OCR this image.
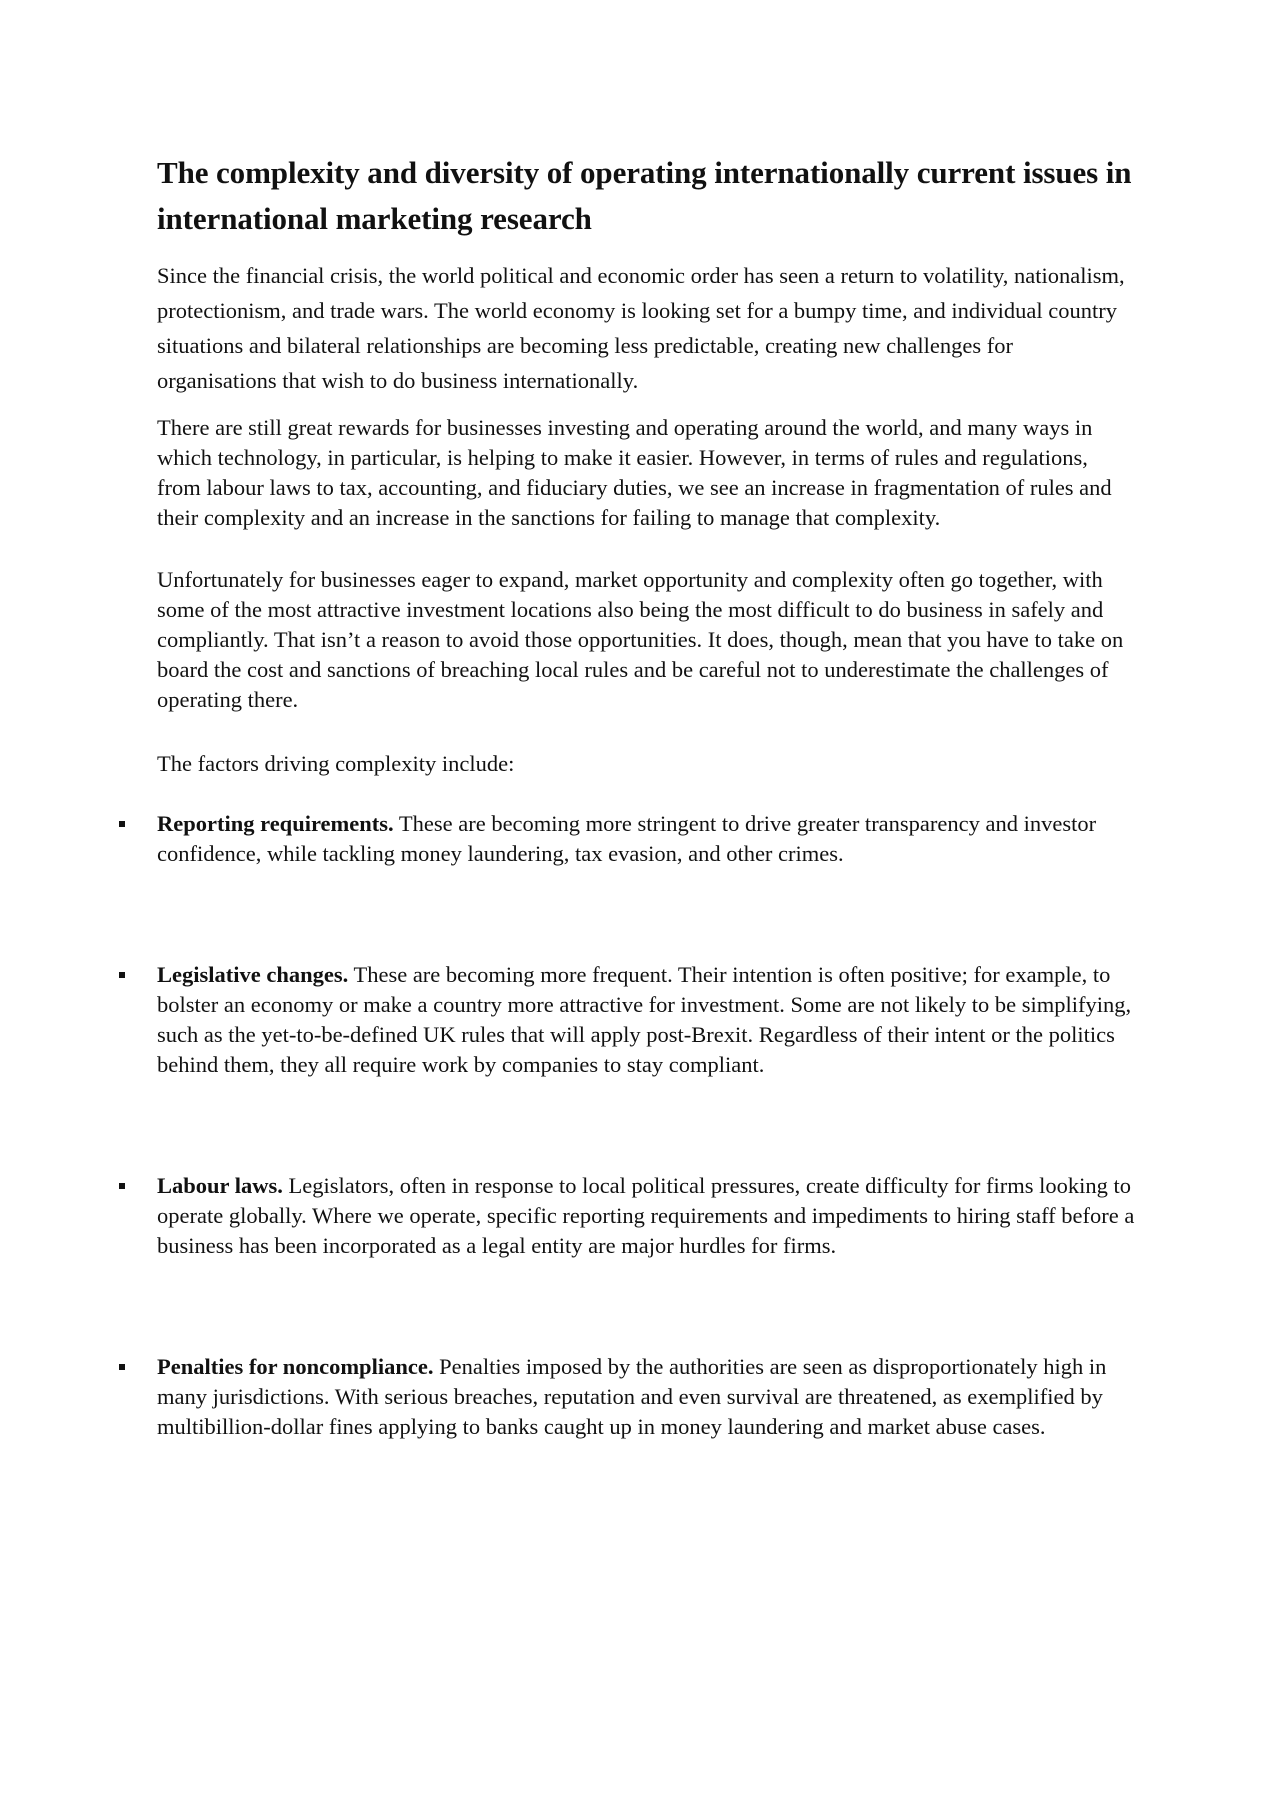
The complexity and diversity of operating internationally current issues in international marketing research

Since the financial crisis, the world political and economic order has seen a return to volatility, nationalism, protectionism, and trade wars. The world economy is looking set for a bumpy time, and individual country situations and bilateral relationships are becoming less predictable, creating new challenges for organisations that wish to do business internationally.

There are still great rewards for businesses investing and operating around the world, and many ways in which technology, in particular, is helping to make it easier. However, in terms of rules and regulations, from labour laws to tax, accounting, and fiduciary duties, we see an increase in fragmentation of rules and their complexity and an increase in the sanctions for failing to manage that complexity.

Unfortunately for businesses eager to expand, market opportunity and complexity often go together, with some of the most attractive investment locations also being the most difficult to do business in safely and compliantly. That isn’t a reason to avoid those opportunities. It does, though, mean that you have to take on board the cost and sanctions of breaching local rules and be careful not to underestimate the challenges of operating there.

The factors driving complexity include:

Reporting requirements. These are becoming more stringent to drive greater transparency and investor confidence, while tackling money laundering, tax evasion, and other crimes.
Legislative changes. These are becoming more frequent. Their intention is often positive; for example, to bolster an economy or make a country more attractive for investment. Some are not likely to be simplifying, such as the yet-to-be-defined UK rules that will apply post-Brexit. Regardless of their intent or the politics behind them, they all require work by companies to stay compliant.
Labour laws. Legislators, often in response to local political pressures, create difficulty for firms looking to operate globally. Where we operate, specific reporting requirements and impediments to hiring staff before a business has been incorporated as a legal entity are major hurdles for firms.
Penalties for noncompliance. Penalties imposed by the authorities are seen as disproportionately high in many jurisdictions. With serious breaches, reputation and even survival are threatened, as exemplified by multibillion-dollar fines applying to banks caught up in money laundering and market abuse cases.
